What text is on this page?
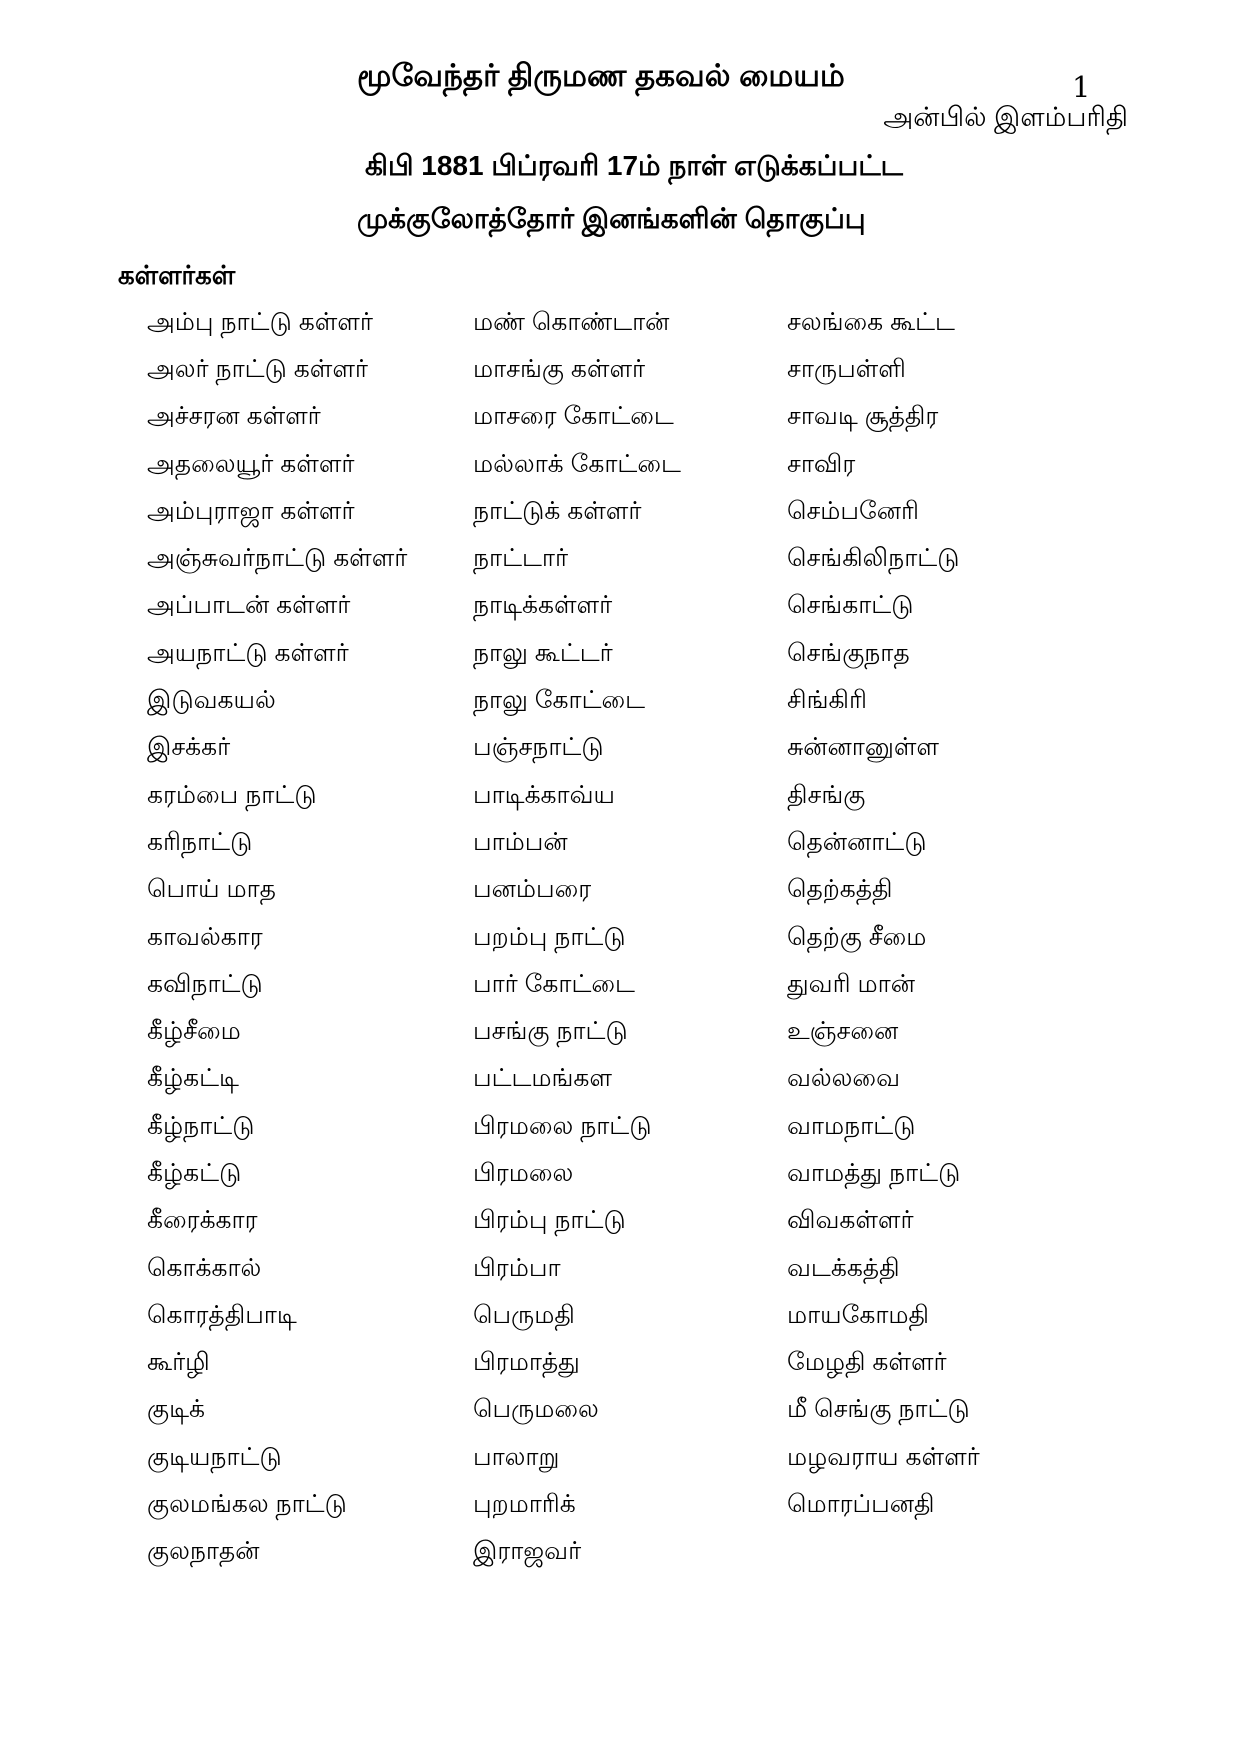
மூவேந்தர் திருமண தகவல் மையம்	1
அன்பில் இளம்பரிதி
கிபி 1881 பிப்ரவரி 17ம் நாள் எடுக்கப்பட்ட
முக்குலோத்தோர் இனங்களின் தொகுப்பு
கள்ளர்கள்
அம்பு நாட்டு கள்ளர்	மண் கொண்டான்	சலங்கை கூட்ட
அலர் நாட்டு கள்ளர்	மாசங்கு கள்ளர்	சாருபள்ளி
அச்சரன கள்ளர்	மாசரை கோட்டை	சாவடி சூத்திர
அதலையூர் கள்ளர்	மல்லாக் கோட்டை	சாவிர
அம்புராஜா கள்ளர்	நாட்டுக் கள்ளர்	செம்பனேரி
அஞ்சுவர்நாட்டு கள்ளர்	நாட்டார்	செங்கிலிநாட்டு
அப்பாடன் கள்ளர்	நாடிக்கள்ளர்	செங்காட்டு
அயநாட்டு கள்ளர்	நாலு கூட்டர்	செங்குநாத
இடுவகயல்	நாலு கோட்டை	சிங்கிரி
இசக்கர்	பஞ்சநாட்டு	சுன்னானுள்ள
கரம்பை நாட்டு	பாடிக்காவ்ய	திசங்கு
கரிநாட்டு	பாம்பன்	தென்னாட்டு
பொய் மாத	பனம்பரை	தெற்கத்தி
காவல்கார	பறம்பு நாட்டு	தெற்கு சீமை
கவிநாட்டு	பார் கோட்டை	துவரி மான்
கீழ்சீமை	பசங்கு நாட்டு	உஞ்சனை
கீழ்கட்டி	பட்டமங்கள	வல்லவை
கீழ்நாட்டு	பிரமலை நாட்டு	வாமநாட்டு
கீழ்கட்டு	பிரமலை	வாமத்து நாட்டு
கீரைக்கார	பிரம்பு நாட்டு	விவகள்ளர்
கொக்கால்	பிரம்பா	வடக்கத்தி
கொரத்திபாடி	பெருமதி	மாயகோமதி
கூர்ழி	பிரமாத்து	மேழதி கள்ளர்
குடிக்	பெருமலை	மீ செங்கு நாட்டு
குடியநாட்டு	பாலாறு	மழவராய கள்ளர்
குலமங்கல நாட்டு	புறமாரிக்	மொரப்பனதி
குலநாதன்	இராஜவர்
